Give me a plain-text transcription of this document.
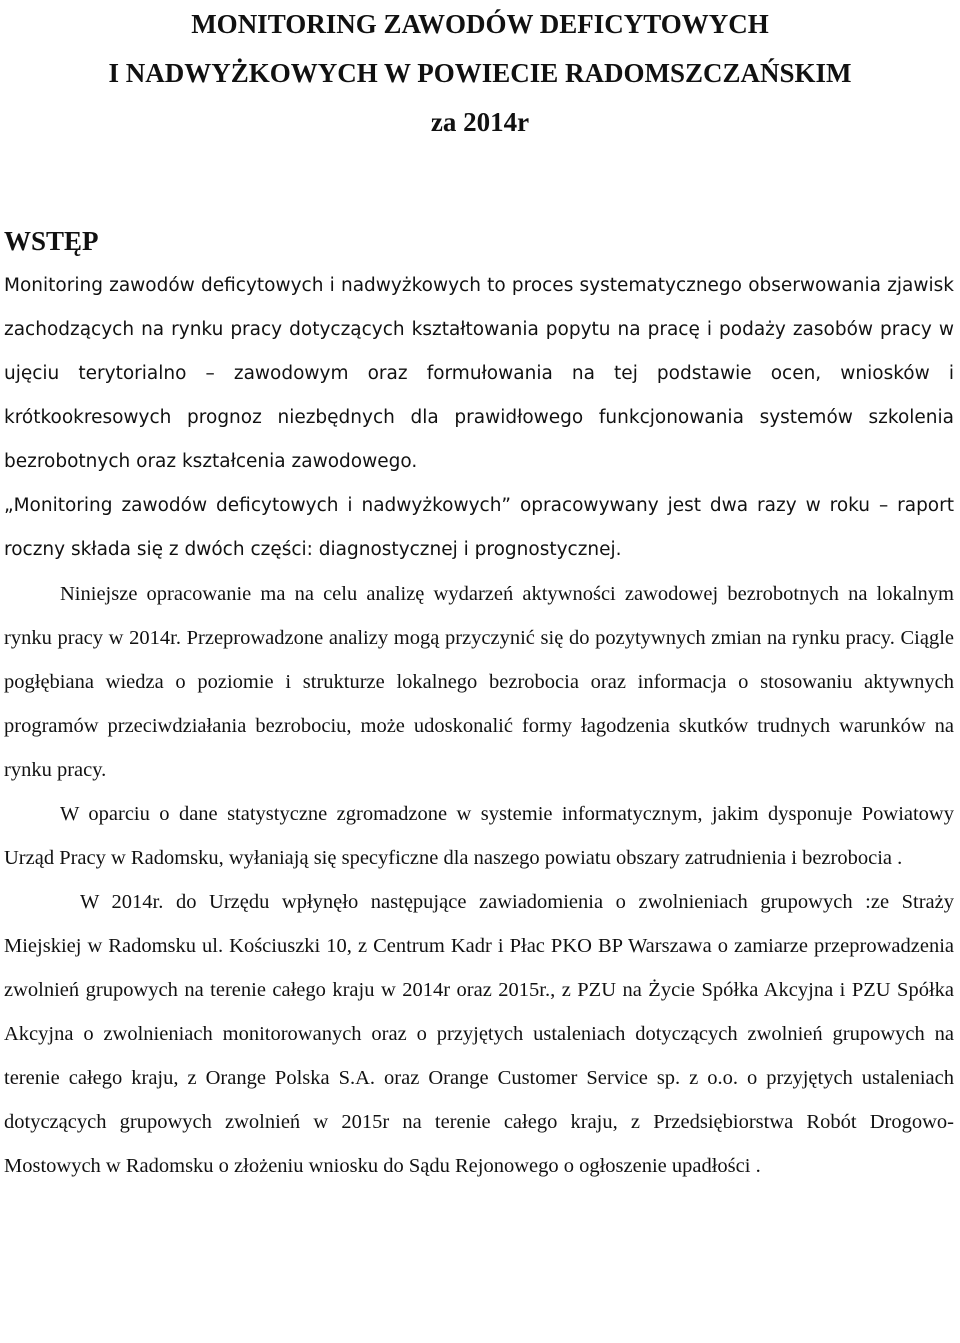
MONITORING ZAWODÓW DEFICYTOWYCH
I NADWYŻKOWYCH W POWIECIE RADOMSZCZAŃSKIM
za 2014r
WSTĘP

Monitoring zawodów deficytowych i nadwyżkowych to proces systematycznego obserwowania zjawisk zachodzących na rynku pracy dotyczących kształtowania popytu na pracę i podaży zasobów pracy w ujęciu terytorialno – zawodowym oraz formułowania na tej podstawie ocen, wniosków i krótkookresowych prognoz niezbędnych dla prawidłowego funkcjonowania systemów szkolenia bezrobotnych oraz kształcenia zawodowego.

„Monitoring zawodów deficytowych i nadwyżkowych” opracowywany jest dwa razy w roku – raport roczny składa się z dwóch części: diagnostycznej i prognostycznej.

Niniejsze opracowanie ma na celu analizę wydarzeń aktywności zawodowej bezrobotnych na lokalnym rynku pracy w 2014r. Przeprowadzone analizy mogą przyczynić się do pozytywnych zmian na rynku pracy. Ciągle pogłębiana wiedza o poziomie i strukturze lokalnego bezrobocia oraz informacja o stosowaniu aktywnych programów przeciwdziałania bezrobociu, może udoskonalić formy łagodzenia skutków trudnych warunków na rynku pracy.

W oparciu o dane statystyczne zgromadzone w systemie informatycznym, jakim dysponuje Powiatowy Urząd Pracy w Radomsku, wyłaniają się specyficzne dla naszego powiatu obszary zatrudnienia i bezrobocia .

W 2014r. do Urzędu wpłynęło następujące zawiadomienia o zwolnieniach grupowych :ze Straży Miejskiej w Radomsku ul. Kościuszki 10, z Centrum Kadr i Płac PKO BP Warszawa o zamiarze przeprowadzenia zwolnień grupowych na terenie całego kraju w 2014r oraz 2015r., z PZU na Życie Spółka Akcyjna i PZU Spółka Akcyjna o zwolnieniach monitorowanych oraz o przyjętych ustaleniach dotyczących zwolnień grupowych na terenie całego kraju, z Orange Polska S.A. oraz Orange Customer Service sp. z o.o. o przyjętych ustaleniach dotyczących grupowych zwolnień w 2015r na terenie całego kraju, z Przedsiębiorstwa Robót Drogowo-Mostowych w Radomsku o złożeniu wniosku do Sądu Rejonowego o ogłoszenie upadłości .
